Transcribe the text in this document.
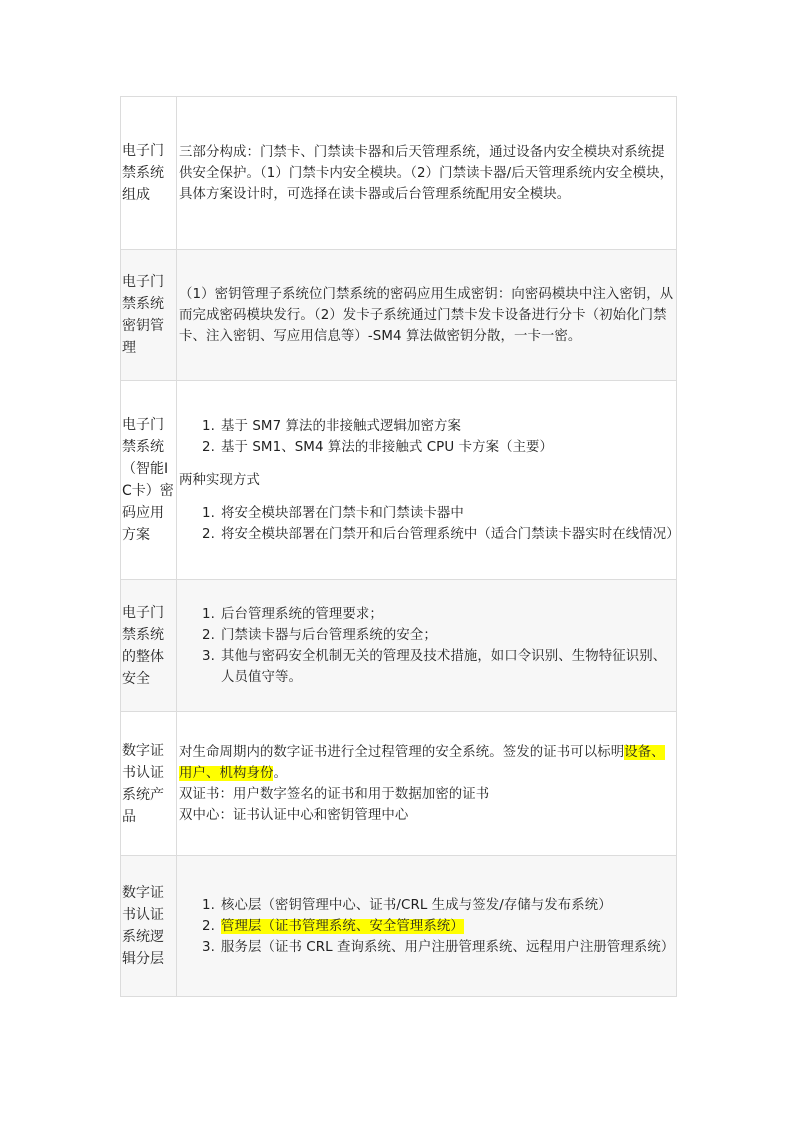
电子门禁系统组成

三部分构成：门禁卡、门禁读卡器和后天管理系统，通过设备内安全模块对系统提供安全保护。（1）门禁卡内安全模块。（2）门禁读卡器/后天管理系统内安全模块，具体方案设计时，可选择在读卡器或后台管理系统配用安全模块。

电子门禁系统密钥管理

（1）密钥管理子系统位门禁系统的密码应用生成密钥：向密码模块中注入密钥，从而完成密码模块发行。（2）发卡子系统通过门禁卡发卡设备进行分卡（初始化门禁卡、注入密钥、写应用信息等）-SM4 算法做密钥分散，一卡一密。

电子门禁系统（智能IC卡）密码应用方案
1. 基于 SM7 算法的非接触式逻辑加密方案
2. 基于 SM1、SM4 算法的非接触式 CPU 卡方案（主要）

两种实现方式

1. 将安全模块部署在门禁卡和门禁读卡器中
2. 将安全模块部署在门禁开和后台管理系统中（适合门禁读卡器实时在线情况）
电子门禁系统的整体安全
1. 后台管理系统的管理要求；
2. 门禁读卡器与后台管理系统的安全；
3. 其他与密码安全机制无关的管理及技术措施，如口令识别、生物特征识别、人员值守等。
数字证书认证系统产品

对生命周期内的数字证书进行全过程管理的安全系统。签发的证书可以标明设备、用户、机构身份。

双证书：用户数字签名的证书和用于数据加密的证书

双中心：证书认证中心和密钥管理中心

数字证书认证系统逻辑分层
1. 核心层（密钥管理中心、证书/CRL 生成与签发/存储与发布系统）
2. 管理层（证书管理系统、安全管理系统）
3. 服务层（证书 CRL 查询系统、用户注册管理系统、远程用户注册管理系统）
